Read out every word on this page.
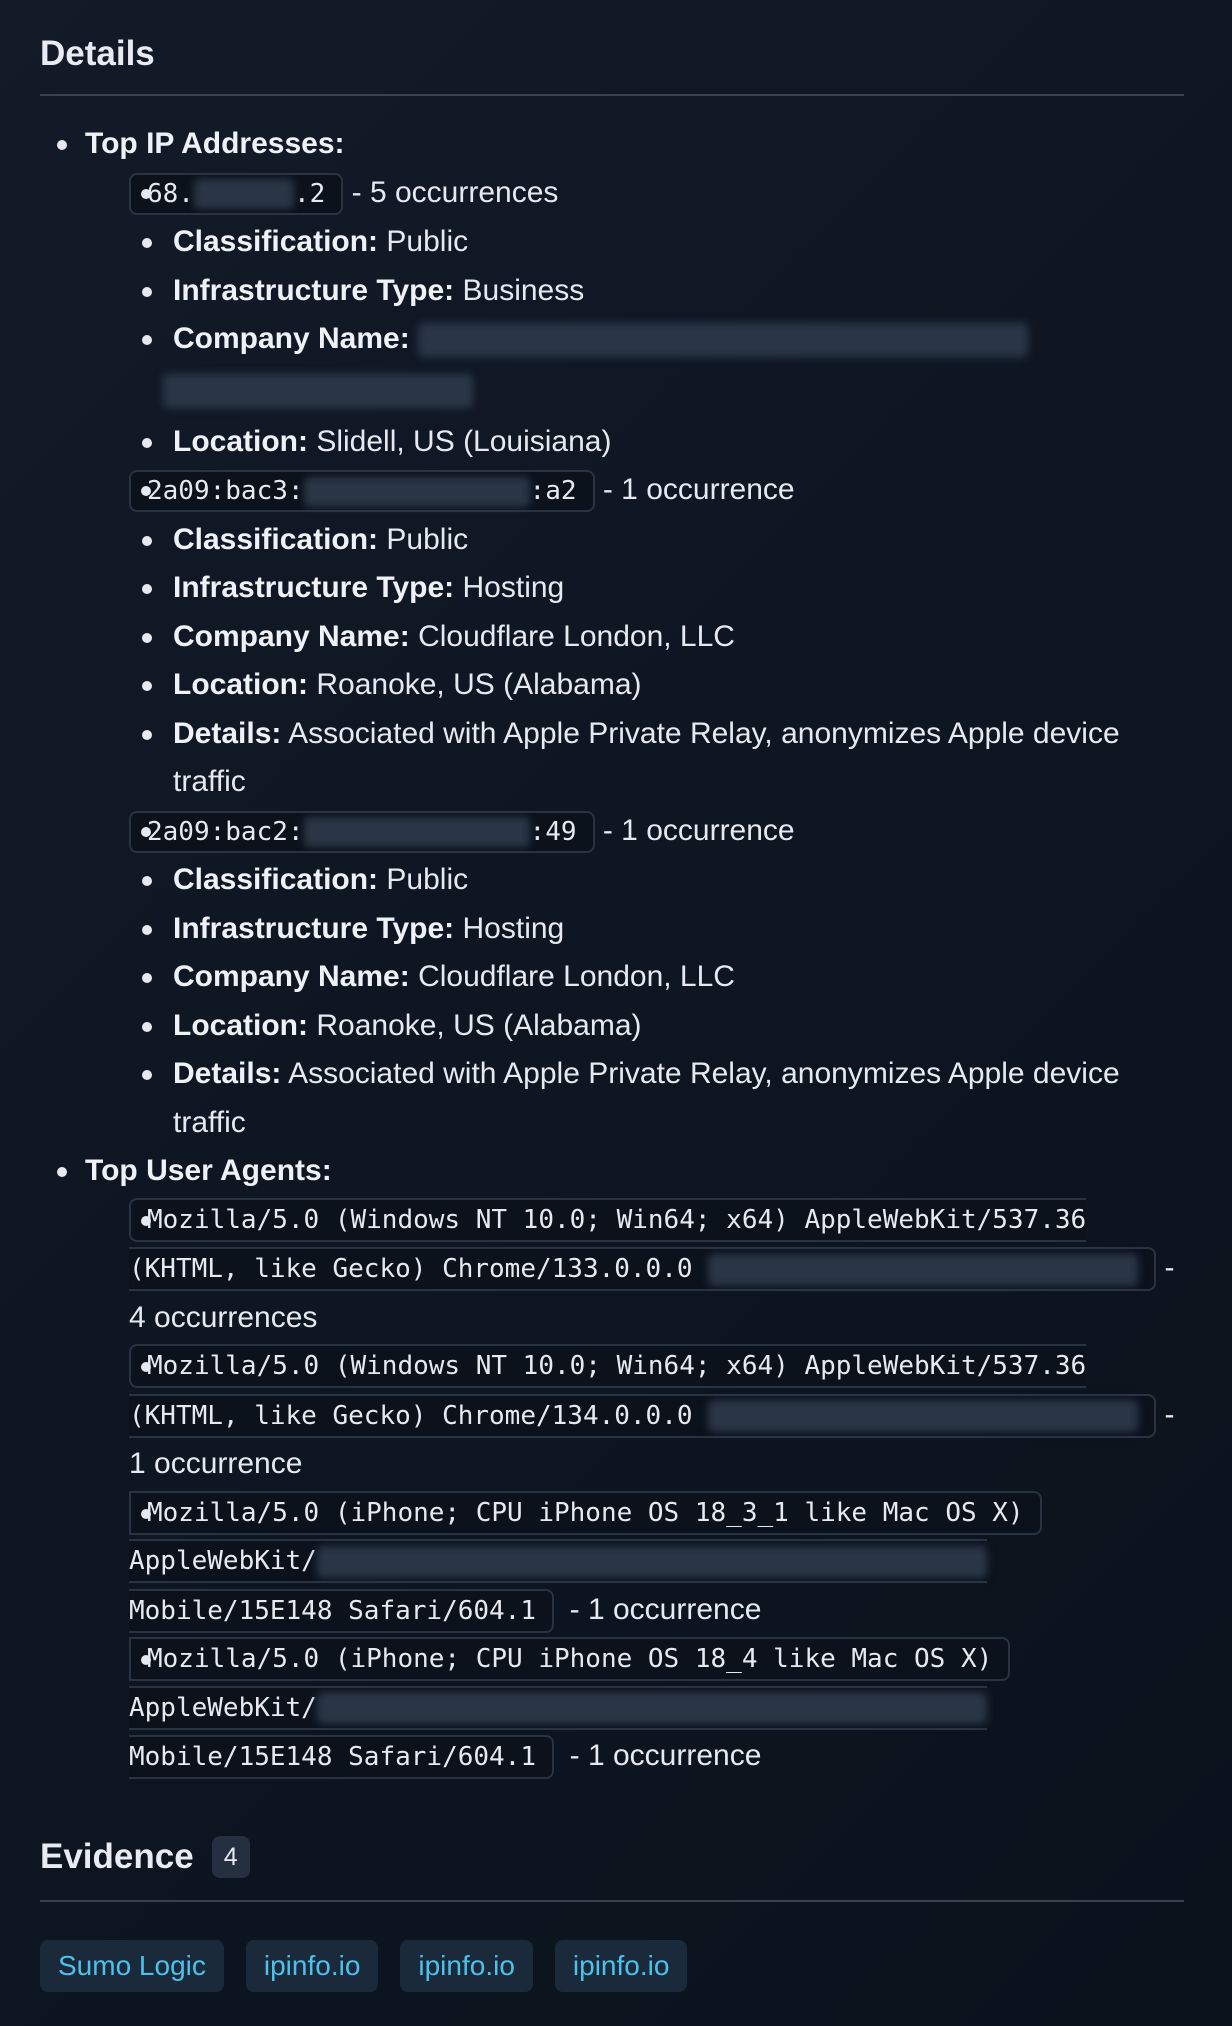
Details
Top IP Addresses:
68.	.2 - 5 occurrences
Classification: Public
Infrastructure Type: Business
Company Name:

Location: Slidell, US (Louisiana)
2a09:bac3:	:a2 - 1 occurrence
Classification: Public
Infrastructure Type: Hosting
Company Name: Cloudflare London, LLC
Location: Roanoke, US (Alabama)
Details: Associated with Apple Private Relay, anonymizes Apple device traffic
2a09:bac2:	:49 - 1 occurrence
Classification: Public
Infrastructure Type: Hosting
Company Name: Cloudflare London, LLC
Location: Roanoke, US (Alabama)
Details: Associated with Apple Private Relay, anonymizes Apple device traffic
Top User Agents:
Mozilla/5.0 (Windows NT 10.0; Win64; x64) AppleWebKit/537.36
(KHTML, like Gecko) Chrome/133.0.0.0	-
4 occurrences
Mozilla/5.0 (Windows NT 10.0; Win64; x64) AppleWebKit/537.36
(KHTML, like Gecko) Chrome/134.0.0.0	-
1 occurrence
Mozilla/5.0 (iPhone; CPU iPhone OS 18_3_1 like Mac OS X)
AppleWebKit/
Mobile/15E148 Safari/604.1 - 1 occurrence
Mozilla/5.0 (iPhone; CPU iPhone OS 18_4 like Mac OS X)
AppleWebKit/
Mobile/15E148 Safari/604.1 - 1 occurrence
Evidence	4
Sumo Logic	ipinfo.io	ipinfo.io	ipinfo.io
